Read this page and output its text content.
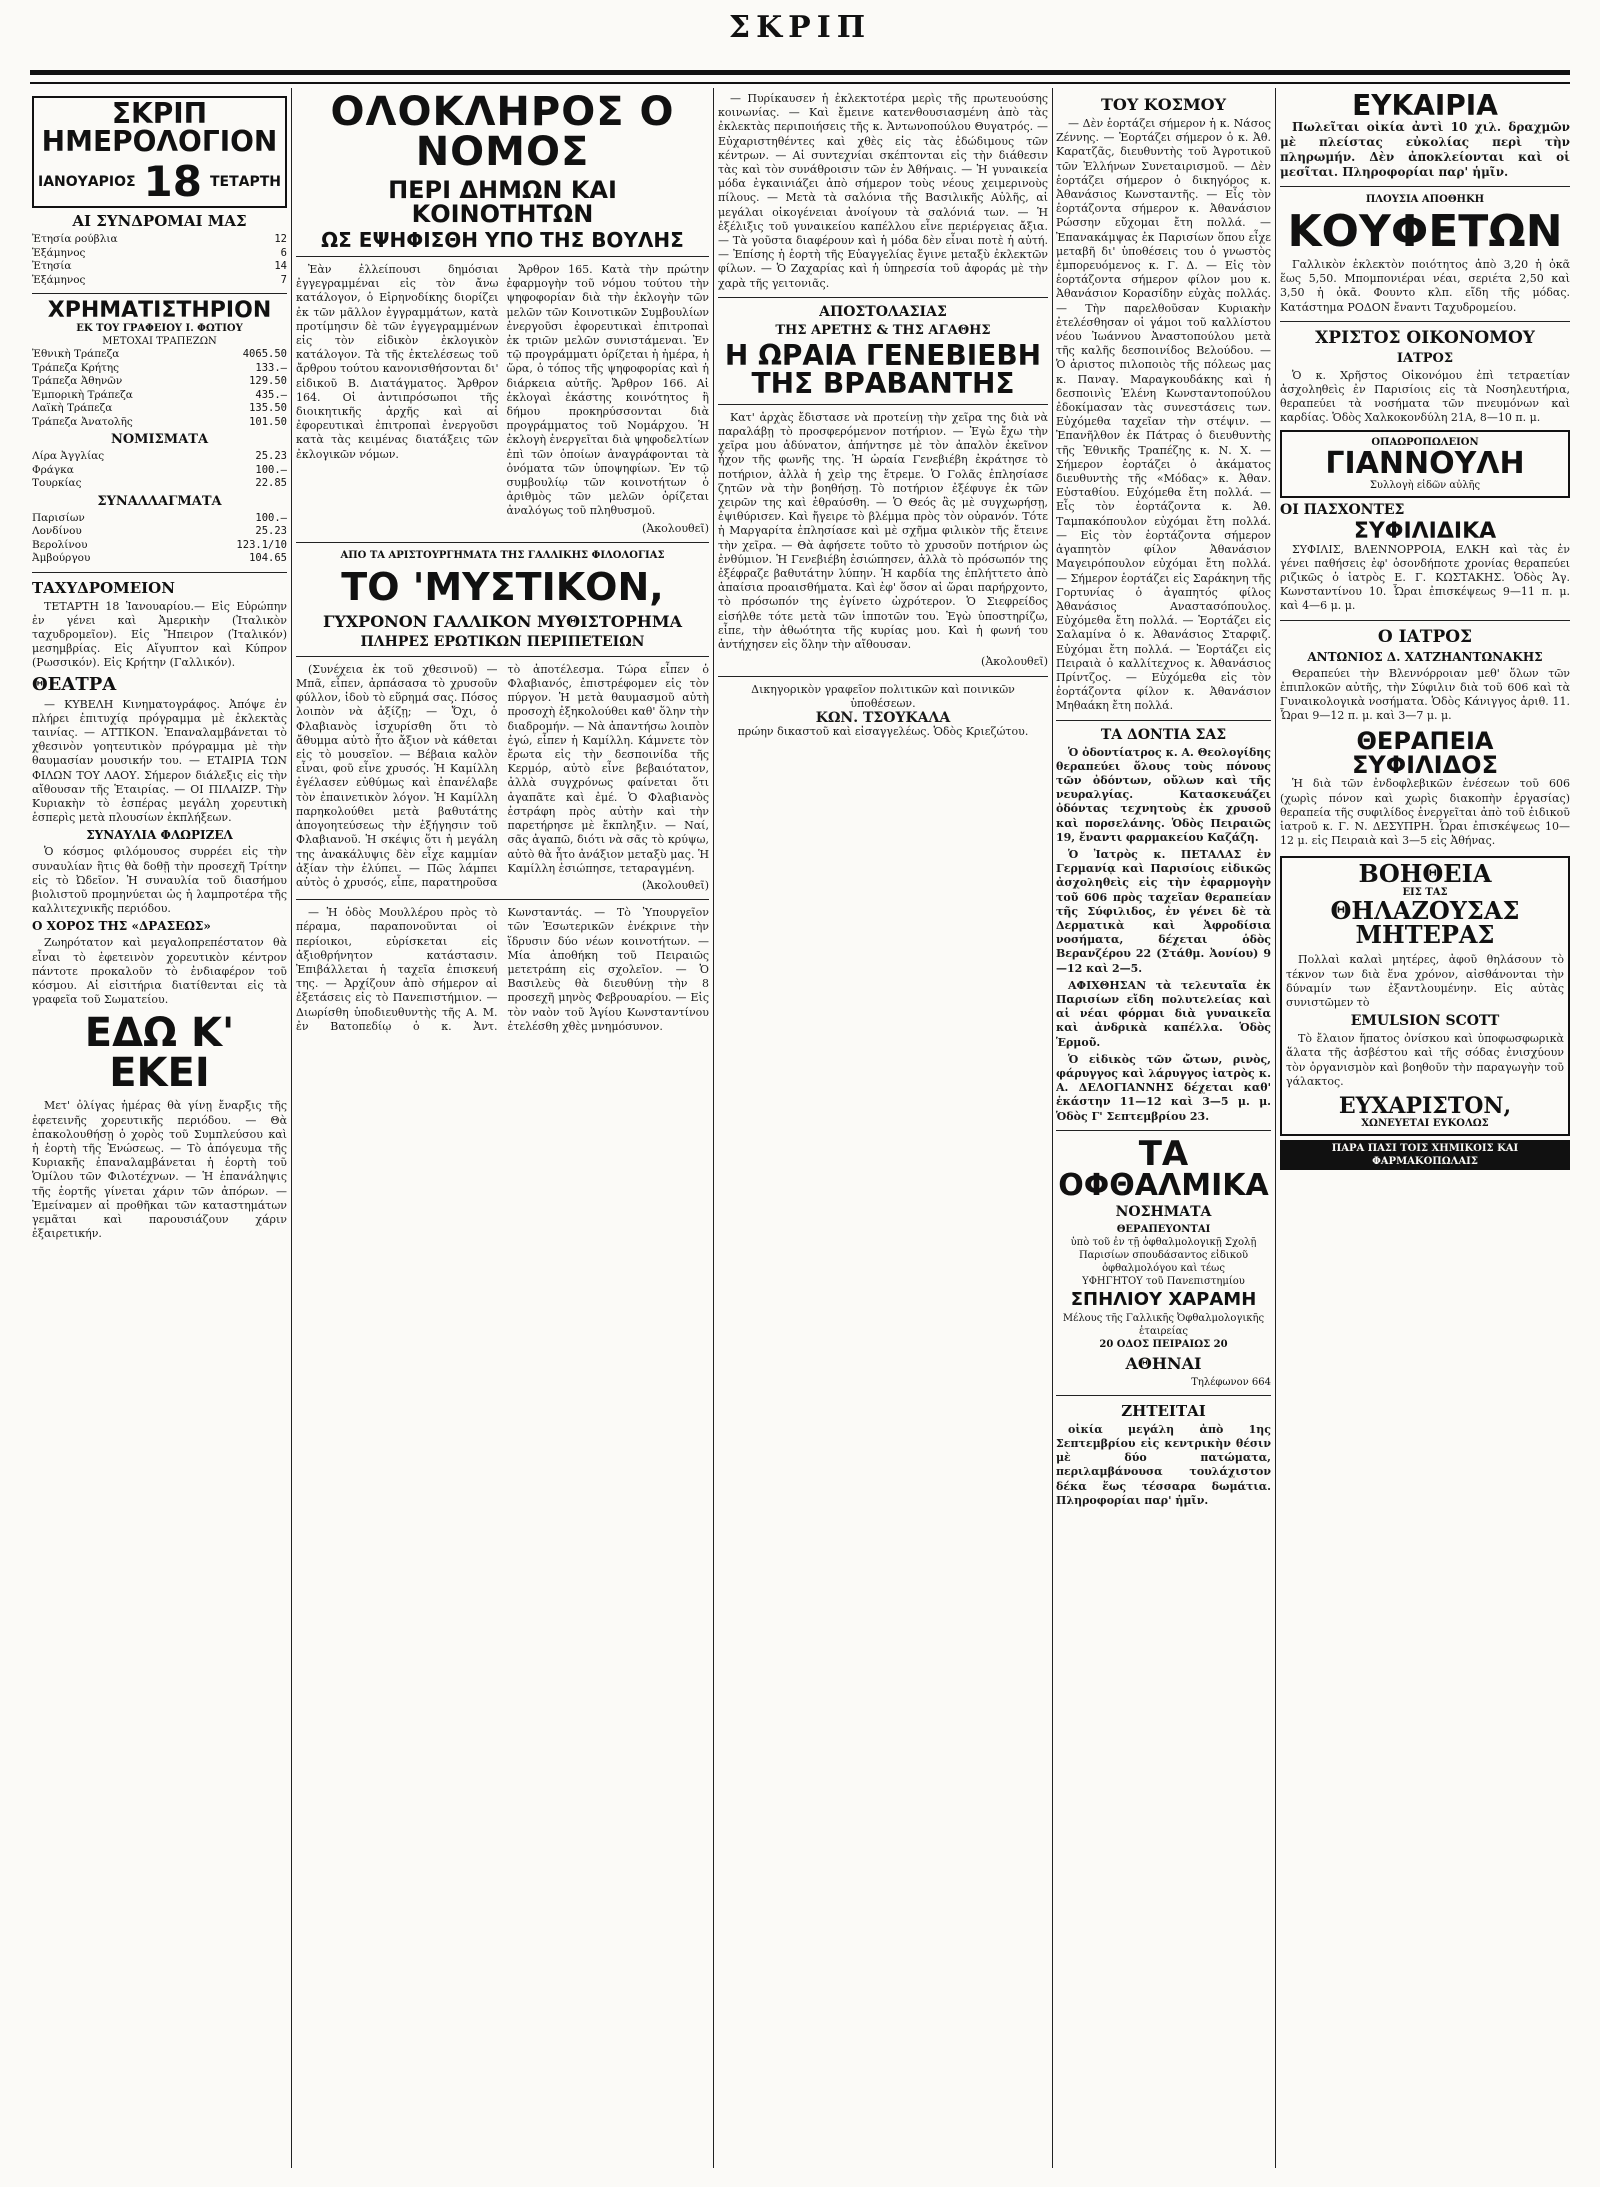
ΣΚΡΙΠ
ΣΚΡΙΠ ΗΜΕΡΟΛΟΓΙΟΝ
ΙΑΝΟΥΑΡΙΟΣ 18 ΤΕΤΑΡΤΗ
ΑΙ ΣΥΝΔΡΟΜΑΙ ΜΑΣ
Ἐτησία ρούβλια	12
Ἑξάμηνος	6
Ἐτησία	14
Ἑξάμηνος	7
ΧΡΗΜΑΤΙΣΤΗΡΙΟΝ
ΕΚ ΤΟΥ ΓΡΑΦΕΙΟΥ Ι. ΦΩΤΙΟΥ
ΜΕΤΟΧΑΙ ΤΡΑΠΕΖΩΝ
Ἐθνικὴ Τράπεζα	4065.50
Τράπεζα Κρήτης	133.—
Τράπεζα Ἀθηνῶν	129.50
Ἐμπορικὴ Τράπεζα	435.—
Λαϊκὴ Τράπεζα	135.50
Τράπεζα Ἀνατολῆς	101.50
ΝΟΜΙΣΜΑΤΑ
Λίρα Ἀγγλίας	25.23
Φράγκα	100.—
Τουρκίας	22.85
ΣΥΝΑΛΛΑΓΜΑΤΑ
Παρισίων	100.—
Λονδίνου	25.23
Βερολίνου	123.1/10
Ἀμβούργου	104.65
ΤΑΧΥΔΡΟΜΕΙΟΝ

ΤΕΤΑΡΤΗ 18 Ἰανουαρίου.— Εἰς Εὐρώπην ἐν γένει καὶ Ἀμερικὴν (Ἰταλικὸν ταχυδρομεῖον). Εἰς Ἤπειρον (Ἰταλικόν) μεσημβρίας. Εἰς Αἴγυπτον καὶ Κύπρον (Ρωσσικόν). Εἰς Κρήτην (Γαλλικόν).

ΘΕΑΤΡΑ

— ΚΥΒΕΛΗ Κινηματογράφος. Ἀπόψε ἐν πλήρει ἐπιτυχίᾳ πρόγραμμα μὲ ἐκλεκτὰς ταινίας. — ΑΤΤΙΚΟΝ. Ἐπαναλαμβάνεται τὸ χθεσινὸν γοητευτικὸν πρόγραμμα μὲ τὴν θαυμασίαν μουσικήν του. — ΕΤΑΙΡΙΑ ΤΩΝ ΦΙΛΩΝ ΤΟΥ ΛΑΟΥ. Σήμερον διάλεξις εἰς τὴν αἴθουσαν τῆς Ἑταιρίας. — ΟΙ ΠΙΛΑΙΖΡ. Τὴν Κυριακὴν τὸ ἑσπέρας μεγάλη χορευτικὴ ἑσπερὶς μετὰ πλουσίων ἐκπλήξεων.

ΣΥΝΑΥΛΙΑ ΦΛΩΡΙΖΕΛ

Ὁ κόσμος φιλόμουσος συρρέει εἰς τὴν συναυλίαν ἣτις θὰ δοθῇ τὴν προσεχῆ Τρίτην εἰς τὸ Ὠδεῖον. Ἡ συναυλία τοῦ διασήμου βιολιστοῦ προμηνύεται ὡς ἡ λαμπροτέρα τῆς καλλιτεχνικῆς περιόδου.

Ο ΧΟΡΟΣ ΤΗΣ «ΔΡΑΣΕΩΣ»

Ζωηρότατον καὶ μεγαλοπρεπέστατον θὰ εἶναι τὸ ἐφετεινὸν χορευτικὸν κέντρον πάντοτε προκαλοῦν τὸ ἐνδιαφέρον τοῦ κόσμου. Αἱ εἰσιτήρια διατίθενται εἰς τὰ γραφεῖα τοῦ Σωματείου.

ΕΔΩ Κ' ΕΚΕΙ

Μετ' ὀλίγας ἡμέρας θὰ γίνῃ ἔναρξις τῆς ἐφετεινῆς χορευτικῆς περιόδου. — Θὰ ἐπακολουθήσῃ ὁ χορὸς τοῦ Συμπλεύσου καὶ ἡ ἑορτὴ τῆς Ἑνώσεως. — Τὸ ἀπόγευμα τῆς Κυριακῆς ἐπαναλαμβάνεται ἡ ἑορτὴ τοῦ Ὁμίλου τῶν Φιλοτέχνων. — Ἡ ἐπανάληψις τῆς ἑορτῆς γίνεται χάριν τῶν ἀπόρων. — Ἐμείναμεν αἱ προθῆκαι τῶν καταστημάτων γεμᾶται καὶ παρουσιάζουν χάριν ἐξαιρετικήν.

ΟΛΟΚΛΗΡΟΣ Ο ΝΟΜΟΣ
ΠΕΡΙ ΔΗΜΩΝ ΚΑΙ ΚΟΙΝΟΤΗΤΩΝ
ΩΣ ΕΨΗΦΙΣΘΗ ΥΠΟ ΤΗΣ ΒΟΥΛΗΣ

Ἐὰν ἐλλείπουσι δημόσιαι ἐγγεγραμμέναι εἰς τὸν ἄνω κατάλογον, ὁ Εἰρηνοδίκης διορίζει ἐκ τῶν μᾶλλον ἐγγραμμάτων, κατὰ προτίμησιν δὲ τῶν ἐγγεγραμμένων εἰς τὸν εἰδικὸν ἐκλογικὸν κατάλογον. Τὰ τῆς ἐκτελέσεως τοῦ ἄρθρου τούτου κανονισθήσονται δι' εἰδικοῦ Β. Διατάγματος. Ἄρθρον 164. Οἱ ἀντιπρόσωποι τῆς διοικητικῆς ἀρχῆς καὶ αἱ ἐφορευτικαὶ ἐπιτροπαὶ ἐνεργοῦσι κατὰ τὰς κειμένας διατάξεις τῶν ἐκλογικῶν νόμων.

Ἄρθρον 165. Κατὰ τὴν πρώτην ἐφαρμογὴν τοῦ νόμου τούτου τὴν ψηφοφορίαν διὰ τὴν ἐκλογὴν τῶν μελῶν τῶν Κοινοτικῶν Συμβουλίων ἐνεργοῦσι ἐφορευτικαὶ ἐπιτροπαὶ ἐκ τριῶν μελῶν συνιστάμεναι. Ἐν τῷ προγράμματι ὁρίζεται ἡ ἡμέρα, ἡ ὥρα, ὁ τόπος τῆς ψηφοφορίας καὶ ἡ διάρκεια αὐτῆς. Ἄρθρον 166. Αἱ ἐκλογαὶ ἑκάστης κοινότητος ἢ δήμου προκηρύσσονται διὰ προγράμματος τοῦ Νομάρχου. Ἡ ἐκλογὴ ἐνεργεῖται διὰ ψηφοδελτίων ἐπὶ τῶν ὁποίων ἀναγράφονται τὰ ὀνόματα τῶν ὑποψηφίων. Ἐν τῷ συμβουλίῳ τῶν κοινοτήτων ὁ ἀριθμὸς τῶν μελῶν ὁρίζεται ἀναλόγως τοῦ πληθυσμοῦ.

(Ἀκολουθεῖ)
ΑΠΟ ΤΑ ΑΡΙΣΤΟΥΡΓΗΜΑΤΑ ΤΗΣ ΓΑΛΛΙΚΗΣ ΦΙΛΟΛΟΓΙΑΣ
ΤΟ 'ΜΥΣΤΙΚΟΝ,
ΓΥΧΡΟΝΟΝ ΓΑΛΛΙΚΟΝ ΜΥΘΙΣΤΟΡΗΜΑ
ΠΛΗΡΕΣ ΕΡΩΤΙΚΩΝ ΠΕΡΙΠΕΤΕΙΩΝ

(Συνέχεια ἐκ τοῦ χθεσινοῦ) — Μπᾶ, εἶπεν, ἀρπάσασα τὸ χρυσοῦν φύλλον, ἰδοὺ τὸ εὕρημά σας. Πόσος λοιπὸν νὰ ἀξίζῃ; — Ὄχι, ὁ Φλαβιανὸς ἰσχυρίσθη ὅτι τὸ ἄθυμμα αὐτὸ ἦτο ἄξιον νὰ κάθεται εἰς τὸ μουσεῖον. — Βέβαια καλὸν εἶναι, φοῦ εἶνε χρυσός. Ἡ Καμίλλη ἐγέλασεν εὐθύμως καὶ ἐπανέλαβε τὸν ἐπαινετικὸν λόγον. Ἡ Καμίλλη παρηκολούθει μετὰ βαθυτάτης ἀπογοητεύσεως τὴν ἐξήγησιν τοῦ Φλαβιανοῦ. Ἡ σκέψις ὅτι ἡ μεγάλη της ἀνακάλυψις δὲν εἶχε καμμίαν ἀξίαν τὴν ἐλύπει. — Πῶς λάμπει αὐτὸς ὁ χρυσός, εἶπε, παρατηροῦσα τὸ ἀποτέλεσμα. Τώρα εἶπεν ὁ Φλαβιανός, ἐπιστρέφομεν εἰς τὸν πύργον. Ἡ μετὰ θαυμασμοῦ αὐτὴ προσοχὴ ἐξηκολούθει καθ' ὅλην τὴν διαδρομήν. — Νὰ ἀπαντήσω λοιπὸν ἐγώ, εἶπεν ἡ Καμίλλη. Κάμνετε τὸν ἔρωτα εἰς τὴν δεσποινίδα τῆς Κερμόρ, αὐτὸ εἶνε βεβαιότατον, ἀλλὰ συγχρόνως φαίνεται ὅτι ἀγαπᾶτε καὶ ἐμέ. Ὁ Φλαβιανὸς ἐστράφη πρὸς αὐτὴν καὶ τὴν παρετήρησε μὲ ἔκπληξιν. — Ναί, σᾶς ἀγαπῶ, διότι νὰ σᾶς τὸ κρύψω, αὐτὸ θὰ ἦτο ἀνάξιον μεταξὺ μας. Ἡ Καμίλλη ἐσιώπησε, τεταραγμένη.

(Ἀκολουθεῖ)

— Ἡ ὁδὸς Μουλλέρου πρὸς τὸ πέραμα, παραπονοῦνται οἱ περίοικοι, εὑρίσκεται εἰς ἀξιοθρήνητον κατάστασιν. Ἐπιβάλλεται ἡ ταχεῖα ἐπισκευή της. — Ἀρχίζουν ἀπὸ σήμερον αἱ ἐξετάσεις εἰς τὸ Πανεπιστήμιον. — Διωρίσθη ὑποδιευθυντὴς τῆς Α. Μ. ἐν Βατοπεδίῳ ὁ κ. Ἀντ. Κωνσταντάς. — Τὸ Ὑπουργεῖον τῶν Ἐσωτερικῶν ἐνέκρινε τὴν ἵδρυσιν δύο νέων κοινοτήτων. — Μία ἀποθήκη τοῦ Πειραιῶς μετετράπη εἰς σχολεῖον. — Ὁ Βασιλεὺς θὰ διευθύνῃ τὴν 8 προσεχῆ μηνὸς Φεβρουαρίου. — Εἰς τὸν ναὸν τοῦ Ἁγίου Κωνσταντίνου ἐτελέσθη χθὲς μνημόσυνον.

— Πυρίκαυσεν ἡ ἐκλεκτοτέρα μερὶς τῆς πρωτευούσης κοινωνίας. — Καὶ ἔμεινε κατενθουσιασμένη ἀπὸ τὰς ἐκλεκτὰς περιποιήσεις τῆς κ. Ἀντωνοπούλου Θυγατρός. — Εὐχαριστηθέντες καὶ χθὲς εἰς τὰς ἐδώδιμους τῶν κέντρων. — Αἱ συντεχνίαι σκέπτονται εἰς τὴν διάθεσιν τὰς καὶ τὸν συνάθροισιν τῶν ἐν Ἀθήναις. — Ἡ γυναικεία μόδα ἐγκαινιάζει ἀπὸ σήμερον τοὺς νέους χειμερινοὺς πίλους. — Μετὰ τὰ σαλόνια τῆς Βασιλικῆς Αὐλῆς, αἱ μεγάλαι οἰκογένειαι ἀνοίγουν τὰ σαλόνιά των. — Ἡ ἑξέλιξις τοῦ γυναικείου καπέλλου εἶνε περιέργειας ἄξια. — Τὰ γοῦστα διαφέρουν καὶ ἡ μόδα δὲν εἶναι ποτὲ ἡ αὐτή. — Ἐπίσης ἡ ἑορτὴ τῆς Εὐαγγελίας ἔγινε μεταξὺ ἐκλεκτῶν φίλων. — Ὁ Ζαχαρίας καὶ ἡ ὑπηρεσία τοῦ ἀφοράς μὲ τὴν χαρὰ τῆς γειτονιᾶς.

ΑΠΟΣΤΟΛΑΣΙΑΣ
ΤΗΣ ΑΡΕΤΗΣ & ΤΗΣ ΑΓΑΘΗΣ
Η ΩΡΑΙΑ ΓΕΝΕΒΙΕΒΗ
ΤΗΣ ΒΡΑΒΑΝΤΗΣ

Κατ' ἀρχὰς ἔδιστασε νὰ προτείνῃ τὴν χεῖρα της διὰ νὰ παραλάβῃ τὸ προσφερόμενον ποτήριον. — Ἐγὼ ἔχω τὴν χεῖρα μου ἀδύνατον, ἀπήντησε μὲ τὸν ἀπαλὸν ἐκεῖνον ἦχον τῆς φωνῆς της. Ἡ ὡραία Γενεβιέβη ἐκράτησε τὸ ποτήριον, ἀλλὰ ἡ χεὶρ της ἔτρεμε. Ὁ Γολᾶς ἐπλησίασε ζητῶν νὰ τὴν βοηθήσῃ. Τὸ ποτήριον ἐξέφυγε ἐκ τῶν χειρῶν της καὶ ἐθραύσθη. — Ὁ Θεός ἂς μὲ συγχωρήσῃ, ἐψιθύρισεν. Καὶ ἤγειρε τὸ βλέμμα πρὸς τὸν οὐρανόν. Τότε ἡ Μαργαρίτα ἐπλησίασε καὶ μὲ σχῆμα φιλικὸν τῆς ἔτεινε τὴν χεῖρα. — Θὰ ἀφήσετε τοῦτο τὸ χρυσοῦν ποτήριον ὡς ἐνθύμιον. Ἡ Γενεβιέβη ἐσιώπησεν, ἀλλὰ τὸ πρόσωπόν της ἐξέφραζε βαθυτάτην λύπην. Ἡ καρδία της ἐπλήττετο ἀπὸ ἀπαίσια προαισθήματα. Καὶ ἐφ' ὅσον αἱ ὥραι παρήρχοντο, τὸ πρόσωπόν της ἐγίνετο ὠχρότερον. Ὁ Σιεφρείδος εἰσήλθε τότε μετὰ τῶν ἱπποτῶν του. Ἐγὼ ὑποστηρίζω, εἶπε, τὴν ἀθωότητα τῆς κυρίας μου. Καὶ ἡ φωνή του ἀντήχησεν εἰς ὅλην τὴν αἴθουσαν.

(Ἀκολουθεῖ)
Δικηγορικὸν γραφεῖον πολιτικῶν καὶ ποινικῶν ὑποθέσεων.
ΚΩΝ. ΤΣΟΥΚΑΛΑ
πρώην δικαστοῦ καὶ εἰσαγγελέως. Ὁδὸς Κριεζώτου.
ΤΟΥ ΚΟΣΜΟΥ

— Δὲν ἑορτάζει σήμερον ἡ κ. Νάσος Ζέννης. — Ἑορτάζει σήμερον ὁ κ. Ἀθ. Καρατζᾶς, διευθυντὴς τοῦ Ἀγροτικοῦ τῶν Ἑλλήνων Συνεταιρισμοῦ. — Δὲν ἑορτάζει σήμερον ὁ δικηγόρος κ. Ἀθανάσιος Κωνσταντῆς. — Εἶς τὸν ἑορτάζοντα σήμερον κ. Ἀθανάσιον Ρώσσην εὔχομαι ἔτη πολλά. — Ἐπανακάμψας ἐκ Παρισίων ὅπου εἶχε μεταβῆ δι' ὑποθέσεις του ὁ γνωστὸς ἐμπορευόμενος κ. Γ. Δ. — Εἰς τὸν ἑορτάζοντα σήμερον φίλον μου κ. Ἀθανάσιον Κορασίδην εὐχὰς πολλάς. — Τὴν παρελθοῦσαν Κυριακὴν ἐτελέσθησαν οἱ γάμοι τοῦ καλλίστου νέου Ἰωάννου Ἀναστοπούλου μετὰ τῆς καλῆς δεσποινίδος Βελούδου. — Ὁ ἀριστος πιλοποιὸς τῆς πόλεως μας κ. Παναγ. Μαραγκουδάκης καὶ ἡ δεσποινὶς Ἑλένη Κωνσταντοπούλου ἐδοκίμασαν τὰς συνεστάσεις των. Εὐχόμεθα ταχεῖαν τὴν στέψιν. — Ἐπανῆλθον ἐκ Πάτρας ὁ διευθυντὴς τῆς Ἐθνικῆς Τραπέζης κ. Ν. Χ. — Σήμερον ἑορτάζει ὁ ἀκάματος διευθυντὴς τῆς «Μόδας» κ. Ἀθαν. Εὐσταθίου. Εὐχόμεθα ἔτη πολλά. — Εἶς τὸν ἑορτάζοντα κ. Ἀθ. Ταμπακόπουλον εὐχόμαι ἔτη πολλά. — Εἰς τὸν ἑορτάζοντα σήμερον ἀγαπητὸν φίλον Ἀθανάσιον Μαγειρόπουλον εὐχόμαι ἔτη πολλά. — Σήμερον ἑορτάζει εἰς Σαράκηνη τῆς Γορτυνίας ὁ ἀγαπητός φίλος Ἀθανάσιος Αναστασόπουλος. Εὐχόμεθα ἔτη πολλά. — Ἑορτάζει εἰς Σαλαμίνα ὁ κ. Ἀθανάσιος Σταρφιζ. Εὐχόμαι ἔτη πολλά. — Ἑορτάζει εἰς Πειραιὰ ὁ καλλίτεχνος κ. Ἀθανάσιος Πρίντζος. — Εὐχόμεθα εἰς τὸν ἑορτάζοντα φίλον κ. Ἀθανάσιον Μηθαάκη ἔτη πολλά.

ΤΑ ΔΟΝΤΙΑ ΣΑΣ

Ὁ ὀδοντίατρος κ. Α. Θεολογίδης θεραπεύει ὅλους τοὺς πόνους τῶν ὀδόντων, οὔλων καὶ τῆς νευραλγίας. Κατασκευάζει ὀδόντας τεχνητοὺς ἐκ χρυσοῦ καὶ πορσελάνης. Ὁδὸς Πειραιῶς 19, ἔναντι φαρμακείου Καζάζη.

Ὁ Ἰατρὸς κ. ΠΕΤΑΛΑΣ ἐν Γερμανίᾳ καὶ Παρισίοις εἰδικῶς ἀσχοληθεὶς εἰς τὴν ἐφαρμογὴν τοῦ 606 πρὸς ταχεῖαν θεραπείαν τῆς Σύφιλιδος, ἐν γένει δὲ τὰ Δερματικὰ καὶ Ἀφροδίσια νοσήματα, δέχεται ὁδὸς Βερανζέρου 22 (Στάθμ. Ἀονίου) 9—12 καὶ 2—5.

ΑΦΙΧΘΗΣΑΝ τὰ τελευταῖα ἐκ Παρισίων εἴδη πολυτελείας καὶ αἱ νέαι φόρμαι διὰ γυναικεῖα καὶ ἀνδρικὰ καπέλλα. Ὁδὸς Ἑρμοῦ.

Ὁ εἰδικὸς τῶν ὤτων, ρινὸς, φάρυγγος καὶ λάρυγγος ἰατρὸς κ. Α. ΔΕΛΟΓΙΑΝΝΗΣ δέχεται καθ' ἑκάστην 11—12 καὶ 3—5 μ. μ. Ὁδὸς Γ' Σεπτεμβρίου 23.

ΤΑ
ΟΦΘΑΛΜΙΚΑ
ΝΟΣΗΜΑΤΑ
ΘΕΡΑΠΕΥΟΝΤΑΙ
ὑπὸ τοῦ ἐν τῇ ὀφθαλμολογικῇ Σχολῇ Παρισίων σπουδάσαντος εἰδικοῦ ὀφθαλμολόγου καὶ τέως
ΥΦΗΓΗΤΟΥ τοῦ Πανεπιστημίου
ΣΠΗΛΙΟΥ ΧΑΡΑΜΗ
Μέλους τῆς Γαλλικῆς Ὀφθαλμολογικῆς ἑταιρείας
20 ΟΔΟΣ ΠΕΙΡΑΙΩΣ 20
ΑΘΗΝΑΙ
Τηλέφωνον 664
ΖΗΤΕΙΤΑΙ

οἰκία μεγάλη ἀπὸ 1ης Σεπτεμβρίου εἰς κεντρικὴν θέσιν μὲ δύο πατώματα, περιλαμβάνουσα τουλάχιστον δέκα ἕως τέσσαρα δωμάτια. Πληροφορίαι παρ' ἡμῖν.

ΕΥΚΑΙΡΙΑ

Πωλεῖται οἰκία ἀντὶ 10 χιλ. δραχμῶν μὲ πλείστας εὐκολίας περὶ τὴν πληρωμήν. Δὲν ἀποκλείονται καὶ οἱ μεσῖται. Πληροφορίαι παρ' ἡμῖν.

ΠΛΟΥΣΙΑ ΑΠΟΘΗΚΗ
ΚΟΥΦΕΤΩΝ

Γαλλικὸν ἐκλεκτὸν ποιότητος ἀπὸ 3,20 ἡ ὀκᾶ ἕως 5,50. Μπομπονιέραι νέαι, σεριέτα 2,50 καὶ 3,50 ἡ ὀκᾶ. Φουντο κλπ. εἴδη τῆς μόδας. Κατάστημα ΡΟΔΟΝ ἔναντι Ταχυδρομείου.

ΧΡΙΣΤΟΣ ΟΙΚΟΝΟΜΟΥ
ΙΑΤΡΟΣ

Ὁ κ. Χρῆστος Οἰκονόμου ἐπὶ τετραετίαν ἀσχοληθεὶς ἐν Παρισίοις εἰς τὰ Νοσηλευτήρια, θεραπεύει τὰ νοσήματα τῶν πνευμόνων καὶ καρδίας. Ὁδὸς Χαλκοκονδύλη 21Α, 8—10 π. μ.

ΟΠΑΩΡΟΠΩΛΕΙΟΝ
ΓΙΑΝΝΟΥΛΗ
Συλλογὴ εἰδῶν αὐλῆς
ΟΙ ΠΑΣΧΟΝΤΕΣ
ΣΥΦΙΛΙΔΙΚΑ

ΣΥΦΙΛΙΣ, ΒΛΕΝΝΟΡΡΟΙΑ, ΕΛΚΗ καὶ τὰς ἐν γένει παθήσεις ἐφ' ὁσονδήποτε χρονίας θεραπεύει ριζικῶς ὁ ἰατρὸς Ε. Γ. ΚΩΣΤΑΚΗΣ. Ὁδὸς Ἁγ. Κωνσταντίνου 10. Ὧραι ἐπισκέψεως 9—11 π. μ. καὶ 4—6 μ. μ.

Ο ΙΑΤΡΟΣ
ΑΝΤΩΝΙΟΣ Δ. ΧΑΤΖΗΑΝΤΩΝΑΚΗΣ

Θεραπεύει τὴν Βλεννόρροιαν μεθ' ὅλων τῶν ἐπιπλοκῶν αὐτῆς, τὴν Σύφιλιν διὰ τοῦ 606 καὶ τὰ Γυναικολογικὰ νοσήματα. Ὁδὸς Κάνιγγος ἀριθ. 11. Ὧραι 9—12 π. μ. καὶ 3—7 μ. μ.

ΘΕΡΑΠΕΙΑ
ΣΥΦΙΛΙΔΟΣ

Ἡ διὰ τῶν ἐνδοφλεβικῶν ἐνέσεων τοῦ 606 (χωρὶς πόνον καὶ χωρὶς διακοπὴν ἐργασίας) θεραπεία τῆς συφιλίδος ἐνεργεῖται ἀπὸ τοῦ ἐιδικοῦ ἰατροῦ κ. Γ. Ν. ΔΕΣΥΠΡΗ. Ὧραι ἐπισκέψεως 10—12 μ. εἰς Πειραιὰ καὶ 3—5 εἰς Ἀθήνας.

ΒΟΗΘΕΙΑ
ΕΙΣ ΤΑΣ
ΘΗΛΑΖΟΥΣΑΣ
ΜΗΤΕΡΑΣ

Πολλαὶ καλαὶ μητέρες, ἀφοῦ θηλάσουν τὸ τέκνον των διὰ ἕνα χρόνον, αἰσθάνονται τὴν δύναμίν των ἐξαντλουμένην. Εἰς αὐτὰς συνιστῶμεν τὸ

EMULSION SCOTT

Τὸ ἔλαιον ἥπατος ὀνίσκου καὶ ὑποφωσφωρικὰ ἅλατα τῆς ἀσβέστου καὶ τῆς σόδας ἐνισχύουν τὸν ὀργανισμὸν καὶ βοηθοῦν τὴν παραγωγὴν τοῦ γάλακτος.

ΕΥΧΑΡΙΣΤΟΝ,
ΧΩΝΕΥΕΤΑΙ ΕΥΚΟΛΩΣ
ΠΑΡΑ ΠΑΣΙ ΤΟΙΣ ΧΗΜΙΚΟΙΣ ΚΑΙ ΦΑΡΜΑΚΟΠΩΛΑΙΣ
